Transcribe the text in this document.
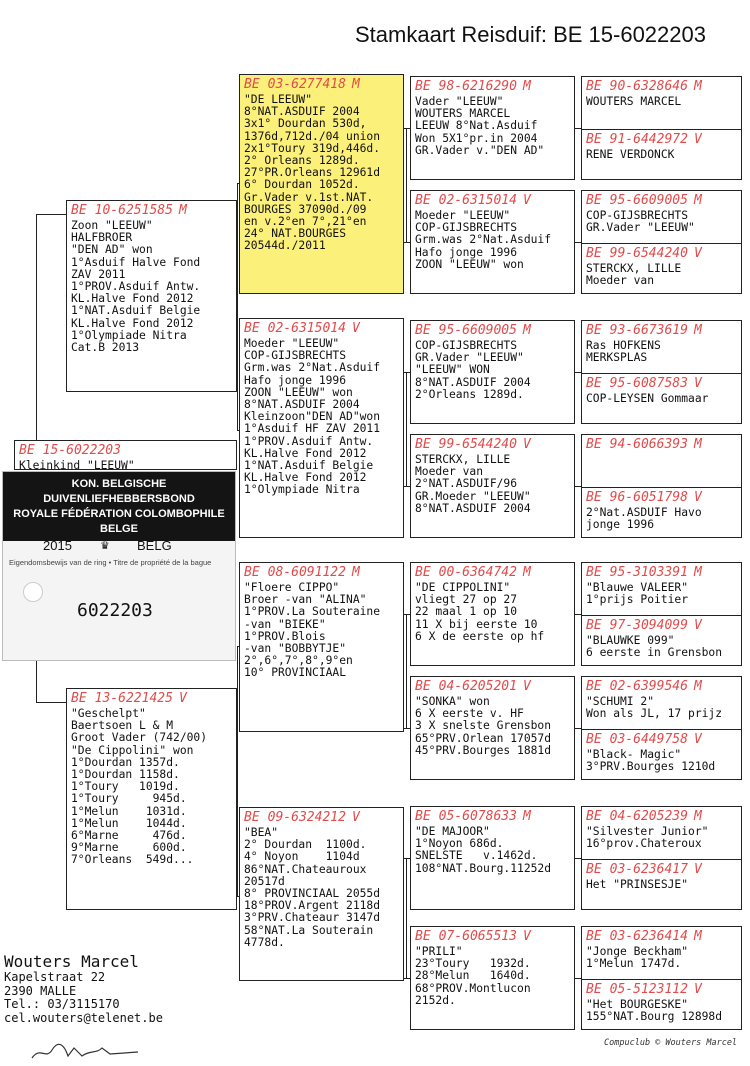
Stamkaart Reisduif: BE 15-6022203
BE 15-6022203
Kleinkind "LEEUW"
BE 10-6251585 M
Zoon "LEEUW"
HALFBROER
"DEN AD" won
1°Asduif Halve Fond
ZAV 2011
1°PROV.Asduif Antw.
KL.Halve Fond 2012
1°NAT.Asduif Belgie
KL.Halve Fond 2012
1°Olympiade Nitra
Cat.B 2013
BE 13-6221425 V
"Geschelpt"
Baertsoen L & M
Groot Vader (742/00)
"De Cippolini" won
1°Dourdan 1357d.
1°Dourdan 1158d.
1°Toury   1019d.
1°Toury     945d.
1°Melun    1031d.
1°Melun    1044d.
6°Marne     476d.
9°Marne     600d.
7°Orleans  549d...
BE 03-6277418 M
"DE LEEUW"
8°NAT.ASDUIF 2004
3x1° Dourdan 530d,
1376d,712d./04 union
2x1°Toury 319d,446d.
2° Orleans 1289d.
27°PR.Orleans 12961d
6° Dourdan 1052d.
Gr.Vader v.1st.NAT.
BOURGES 37090d./09
en v.2°en 7°,21°en
24° NAT.BOURGES
20544d./2011
BE 02-6315014 V
Moeder "LEEUW"
COP-GIJSBRECHTS
Grm.was 2°Nat.Asduif
Hafo jonge 1996
ZOON "LEEUW" won
8°NAT.ASDUIF 2004
Kleinzoon"DEN AD"won
1°Asduif HF ZAV 2011
1°PROV.Asduif Antw.
KL.Halve Fond 2012
1°NAT.Asduif Belgie
KL.Halve Fond 2012
1°Olympiade Nitra
BE 08-6091122 M
"Floere CIPPO"
Broer -van "ALINA"
1°PROV.La Souteraine
-van "BIEKE"
1°PROV.Blois
-van "BOBBYTJE"
2°,6°,7°,8°,9°en
10° PROVINCIAAL
BE 09-6324212 V
"BEA"
2° Dourdan  1100d.
4° Noyon    1104d
86°NAT.Chateauroux
20517d
8° PROVINCIAAL 2055d
18°PROV.Argent 2118d
3°PRV.Chateaur 3147d
58°NAT.La Souterain
4778d.
BE 98-6216290 M
Vader "LEEUW"
WOUTERS MARCEL
LEEUW 8°Nat.Asduif
Won 5X1°pr.in 2004
GR.Vader v."DEN AD"
BE 02-6315014 V
Moeder "LEEUW"
COP-GIJSBRECHTS
Grm.was 2°Nat.Asduif
Hafo jonge 1996
ZOON "LEEUW" won
BE 95-6609005 M
COP-GIJSBRECHTS
GR.Vader "LEEUW"
"LEEUW" WON
8°NAT.ASDUIF 2004
2°Orleans 1289d.
BE 99-6544240 V
STERCKX, LILLE
Moeder van
2°NAT.ASDUIF/96
GR.Moeder "LEEUW"
8°NAT.ASDUIF 2004
BE 00-6364742 M
"DE CIPPOLINI"
vliegt 27 op 27
22 maal 1 op 10
11 X bij eerste 10
6 X de eerste op hf
BE 04-6205201 V
"SONKA" won
6 X eerste v. HF
3 X snelste Grensbon
65°PRV.Orlean 17057d
45°PRV.Bourges 1881d
BE 05-6078633 M
"DE MAJOOR"
1°Noyon 686d.
SNELSTE   v.1462d.
108°NAT.Bourg.11252d
BE 07-6065513 V
"PRILI"
23°Toury   1932d.
28°Melun   1640d.
68°PROV.Montlucon
2152d.
BE 90-6328646 M
WOUTERS MARCEL
BE 91-6442972 V
RENE VERDONCK
BE 95-6609005 M
COP-GIJSBRECHTS
GR.Vader "LEEUW"
BE 99-6544240 V
STERCKX, LILLE
Moeder van
BE 93-6673619 M
Ras HOFKENS
MERKSPLAS
BE 95-6087583 V
COP-LEYSEN Gommaar
BE 94-6066393 M
BE 96-6051798 V
2°Nat.ASDUIF Havo
jonge 1996
BE 95-3103391 M
"Blauwe VALEER"
1°prijs Poitier
BE 97-3094099 V
"BLAUWKE 099"
6 eerste in Grensbon
BE 02-6399546 M
"SCHUMI 2"
Won als JL, 17 prijz
BE 03-6449758 V
"Black- Magic"
3°PRV.Bourges 1210d
BE 04-6205239 M
"Silvester Junior"
16°prov.Chateroux
BE 03-6236417 V
Het "PRINSESJE"
BE 03-6236414 M
"Jonge Beckham"
1°Melun 1747d.
BE 05-5123112 V
"Het BOURGESKE"
155°NAT.Bourg 12898d
KON. BELGISCHE DUIVENLIEFHEBBERSBOND
ROYALE FÉDÉRATION COLOMBOPHILE BELGE
2015 ♛ BELG
Eigendomsbewijs van de ring • Titre de propriété de la bague
6022203
Wouters Marcel
Kapelstraat 22
2390 MALLE
Tel.: 03/3115170
cel.wouters@telenet.be
Compuclub © Wouters Marcel
